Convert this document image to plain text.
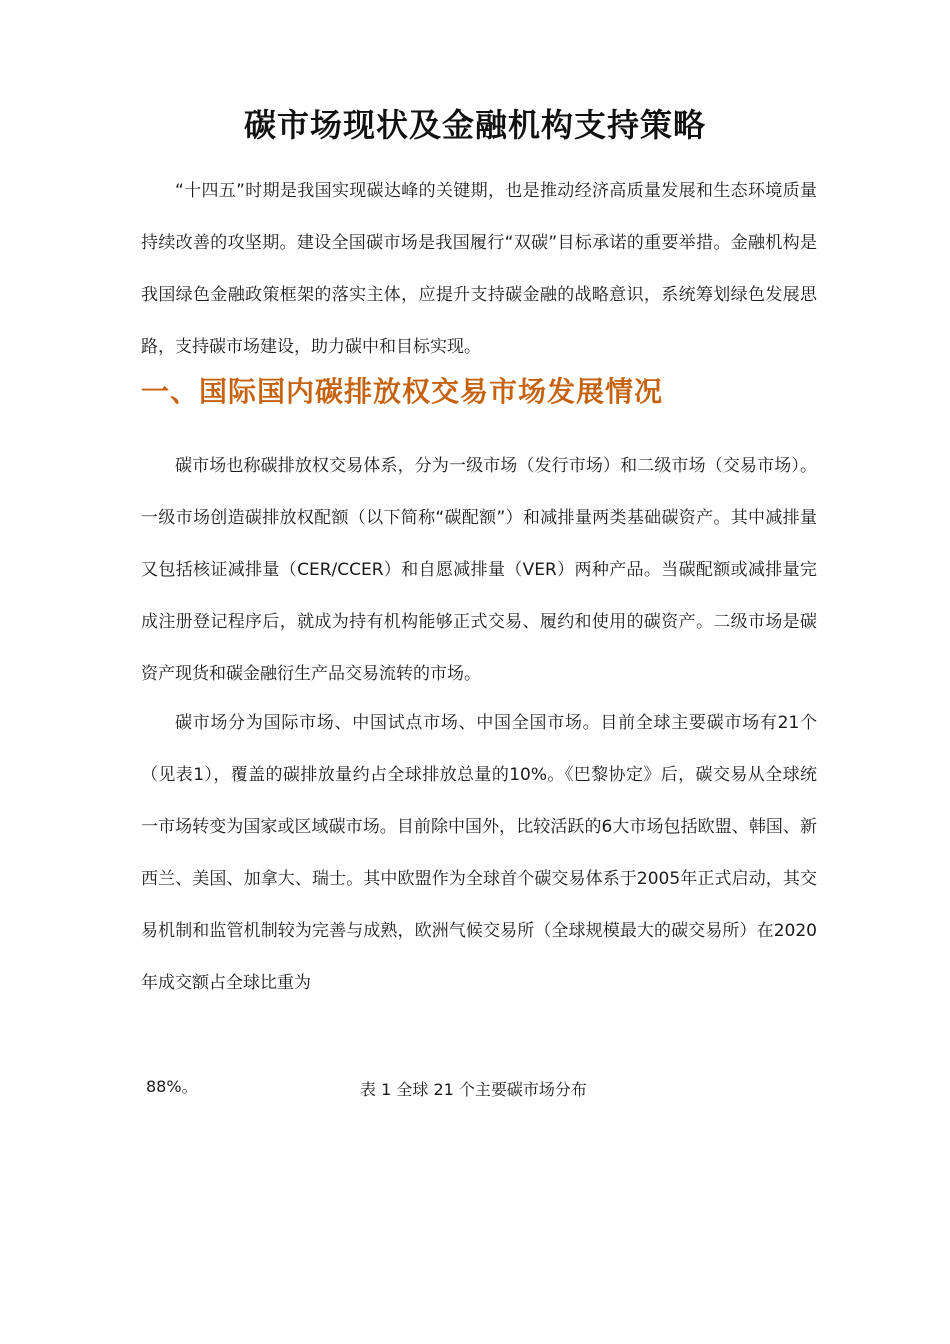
碳市场现状及金融机构支持策略

“十四五”时期是我国实现碳达峰的关键期，也是推动经济高质量发展和生态环境质量持续改善的攻坚期。建设全国碳市场是我国履行“双碳”目标承诺的重要举措。金融机构是我国绿色金融政策框架的落实主体，应提升支持碳金融的战略意识，系统筹划绿色发展思路，支持碳市场建设，助力碳中和目标实现。

一、国际国内碳排放权交易市场发展情况

碳市场也称碳排放权交易体系，分为一级市场（发行市场）和二级市场（交易市场）。一级市场创造碳排放权配额（以下简称“碳配额”）和减排量两类基础碳资产。其中减排量又包括核证减排量（CER/CCER）和自愿减排量（VER）两种产品。当碳配额或减排量完成注册登记程序后，就成为持有机构能够正式交易、履约和使用的碳资产。二级市场是碳资产现货和碳金融衍生产品交易流转的市场。

碳市场分为国际市场、中国试点市场、中国全国市场。目前全球主要碳市场有21个（见表1），覆盖的碳排放量约占全球排放总量的10%。《巴黎协定》后，碳交易从全球统一市场转变为国家或区域碳市场。目前除中国外，比较活跃的6大市场包括欧盟、韩国、新西兰、美国、加拿大、瑞士。其中欧盟作为全球首个碳交易体系于2005年正式启动，其交易机制和监管机制较为完善与成熟，欧洲气候交易所（全球规模最大的碳交易所）在2020年成交额占全球比重为

88%。	表 1 全球 21 个主要碳市场分布
